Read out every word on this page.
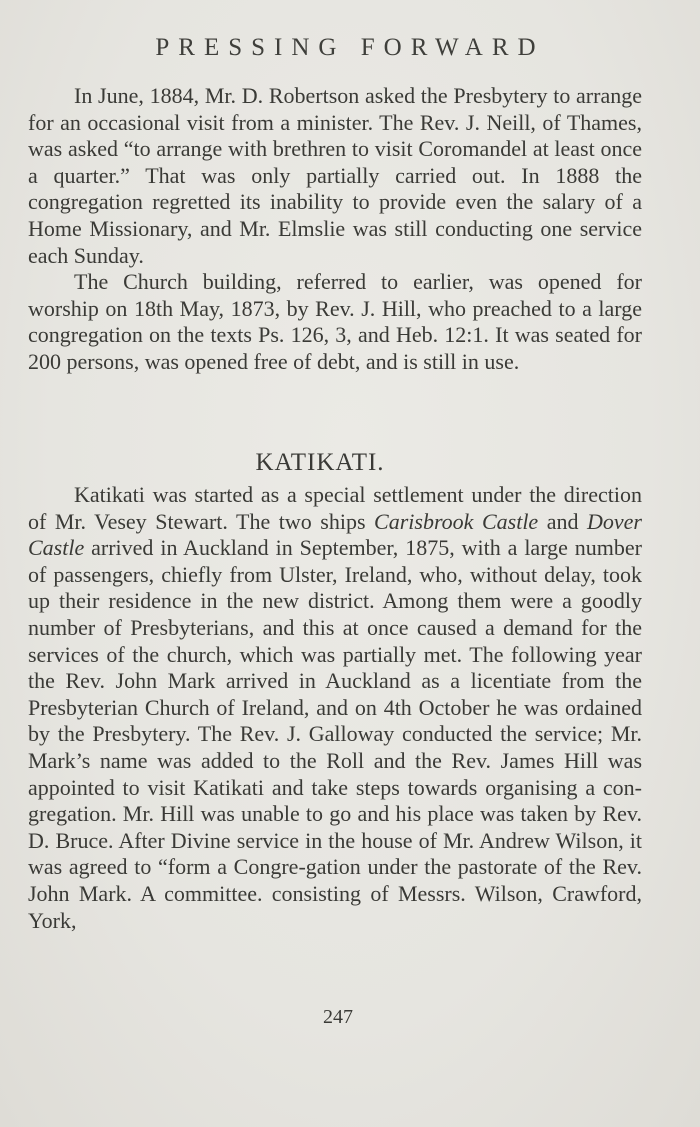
PRESSING FORWARD

In June, 1884, Mr. D. Robertson asked the Presbytery to arrange for an occasional visit from a minister. The Rev. J. Neill, of Thames, was asked “to arrange with brethren to visit Coromandel at least once a quarter.” That was only partially carried out. In 1888 the congregation regretted its inability to provide even the salary of a Home Missionary, and Mr. Elmslie was still conducting one service each Sunday.

The Church building, referred to earlier, was opened for worship on 18th May, 1873, by Rev. J. Hill, who preached to a large congregation on the texts Ps. 126, 3, and Heb. 12:1. It was seated for 200 persons, was opened free of debt, and is still in use.

KATIKATI.

Katikati was started as a special settlement under the direction of Mr. Vesey Stewart. The two ships Carisbrook Castle and Dover Castle arrived in Auckland in September, 1875, with a large number of passengers, chiefly from Ulster, Ireland, who, without delay, took up their residence in the new district. Among them were a goodly number of Presbyterians, and this at once caused a demand for the services of the church, which was partially met. The following year the Rev. John Mark arrived in Auckland as a licentiate from the Presbyterian Church of Ireland, and on 4th October he was ordained by the Presbytery. The Rev. J. Galloway conducted the service; Mr. Mark’s name was added to the Roll and the Rev. James Hill was appointed to visit Katikati and take steps towards organising a con-gregation. Mr. Hill was unable to go and his place was taken by Rev. D. Bruce. After Divine service in the house of Mr. Andrew Wilson, it was agreed to “form a Congre-gation under the pastorate of the Rev. John Mark. A committee. consisting of Messrs. Wilson, Crawford, York,

247
